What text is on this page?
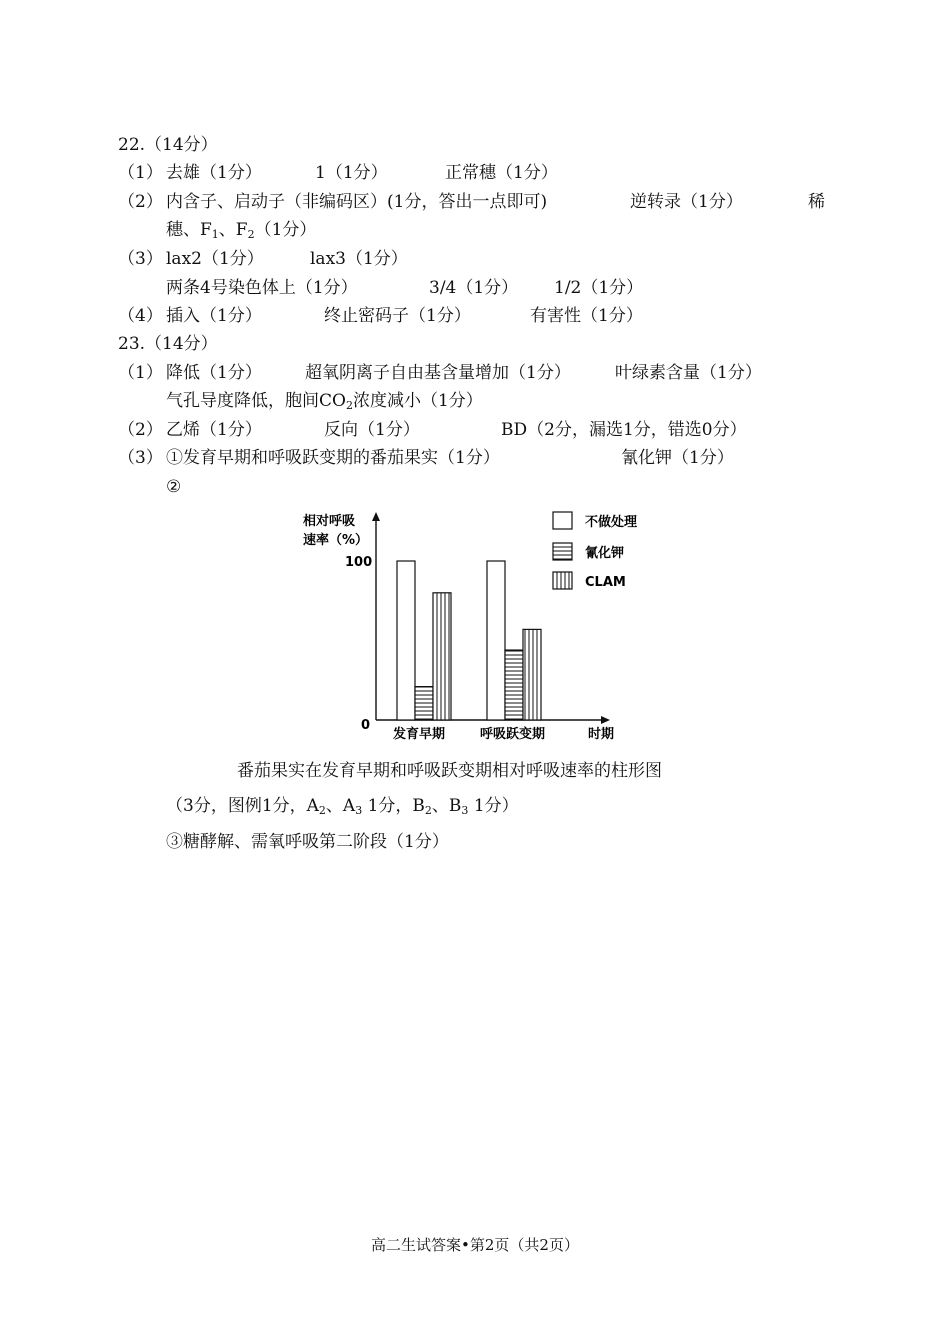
22.（14分）
（1） 去雄（1分）	1（1分）	正常穗（1分）
（2） 内含子、启动子（非编码区）(1分，答出一点即可)	逆转录（1分）	稀
穗、$F_1$、$F_2(1$分）
（3） lax2（1分）	lax3（1分）
两条4号染色体上（1分）	3/4（1分） 1/2（1分）
（4） 插入（1分）	终止密码子（1分）	有害性（1分）
23.（14分）
（1） 降低（1分）	超氧阴离子自由基含量增加（1分）	叶绿素含量（1分）
气孔导度降低，胞间$CO_2$浓度减小（1分）
（2） 乙烯（1分）	反向（1分）	BD（2分，漏选1分，错选0分）
（3） ①发育早期和呼吸跃变期的番茄果实（1分）	氰化钾（1分）
②
相对呼吸
速率（%）
100
0
发育早期	呼吸跃变期	时期
不做处理
氰化钾
CLAM
番茄果实在发育早期和呼吸跃变期相对呼吸速率的柱形图
（3分，图例1分，$A_2$、$A_3$ 1分，$B_2$、$B_3$ 1分）
③糖酵解、需氧呼吸第二阶段（1分）
高二生试答案•第2页（共2页）
